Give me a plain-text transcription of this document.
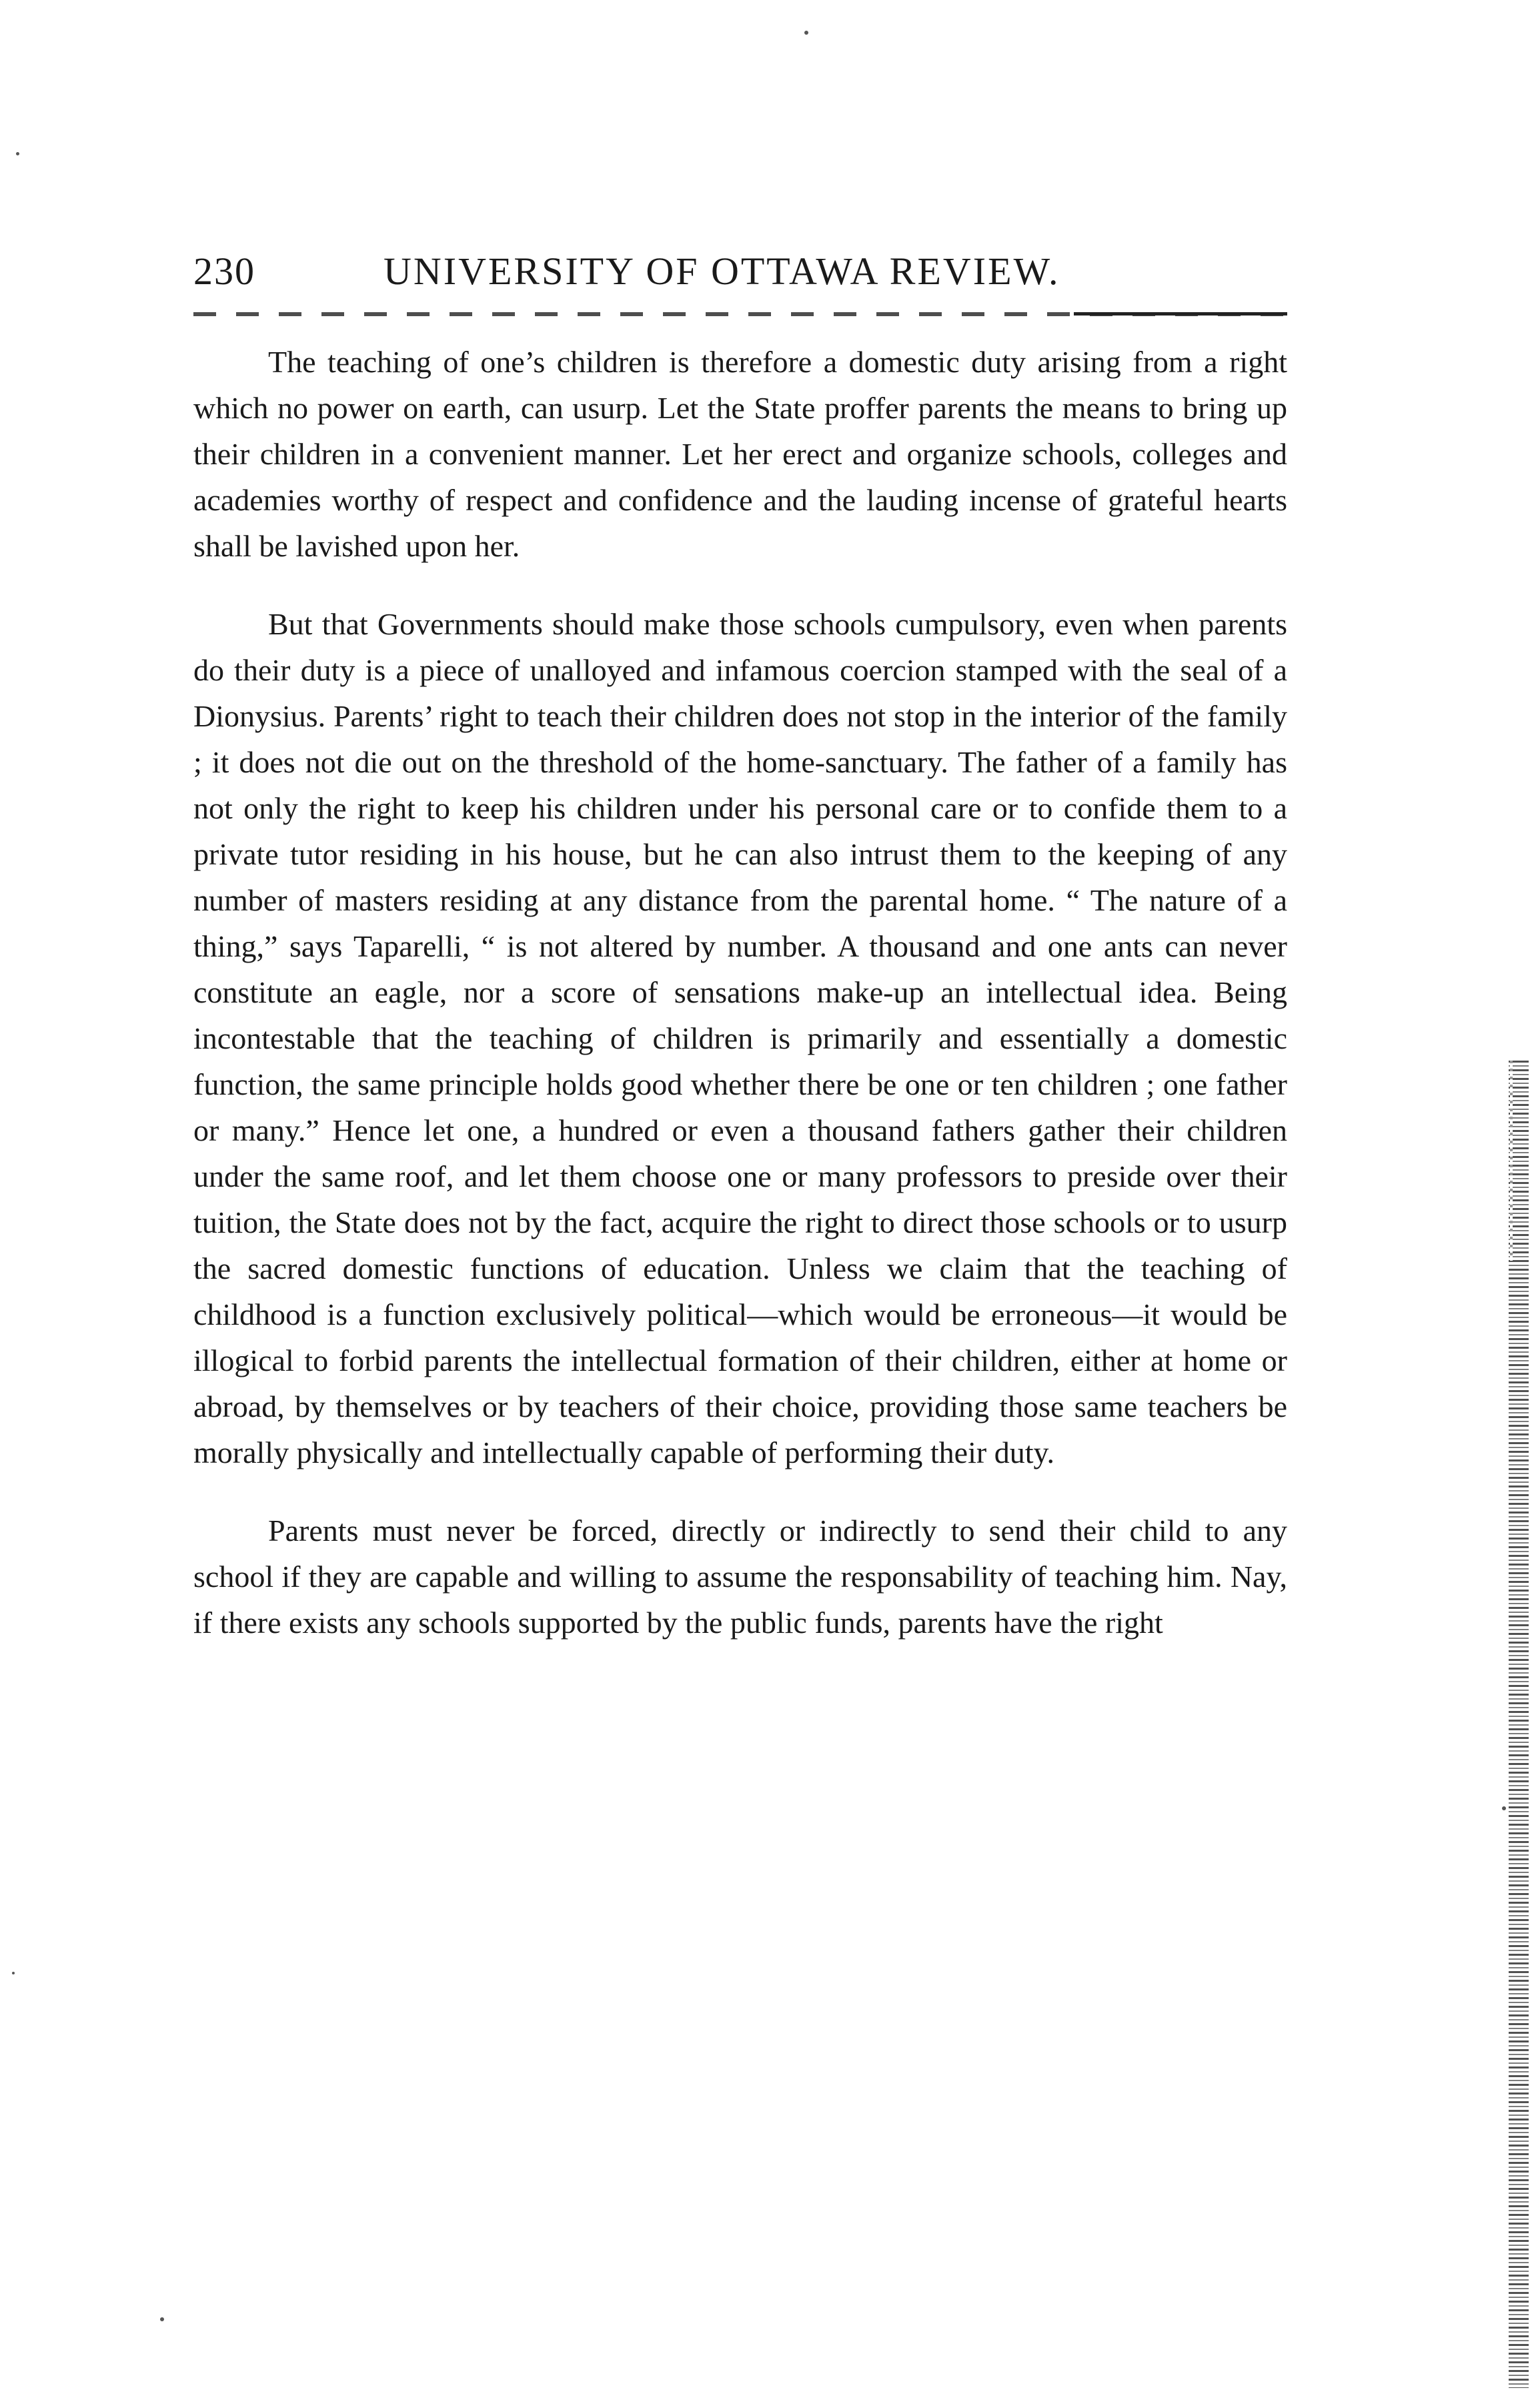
230	UNIVERSITY OF OTTAWA REVIEW.

The teaching of one’s children is therefore a domestic duty arising from a right which no power on earth, can usurp. Let the State proffer parents the means to bring up their children in a convenient manner. Let her erect and organize schools, colleges and academies worthy of respect and confidence and the lauding incense of grateful hearts shall be lavished upon her.

But that Governments should make those schools cumpulsory, even when parents do their duty is a piece of unalloyed and infamous coercion stamped with the seal of a Dionysius. Parents’ right to teach their children does not stop in the interior of the family ; it does not die out on the threshold of the home-sanctuary. The father of a family has not only the right to keep his children under his personal care or to confide them to a private tutor residing in his house, but he can also intrust them to the keeping of any number of masters residing at any distance from the parental home. “ The nature of a thing,” says Taparelli, “ is not altered by number. A thousand and one ants can never constitute an eagle, nor a score of sensations make-up an intellectual idea. Being incontestable that the teaching of children is primarily and essentially a domestic function, the same principle holds good whether there be one or ten children ; one father or many.” Hence let one, a hundred or even a thousand fathers gather their children under the same roof, and let them choose one or many professors to preside over their tuition, the State does not by the fact, acquire the right to direct those schools or to usurp the sacred domestic functions of education. Unless we claim that the teaching of childhood is a function exclusively political—which would be erroneous—it would be illogical to forbid parents the intellectual formation of their children, either at home or abroad, by themselves or by teachers of their choice, providing those same teachers be morally physically and intellectually capable of performing their duty.

Parents must never be forced, directly or indirectly to send their child to any school if they are capable and willing to assume the responsability of teaching him. Nay, if there exists any schools supported by the public funds, parents have the right
